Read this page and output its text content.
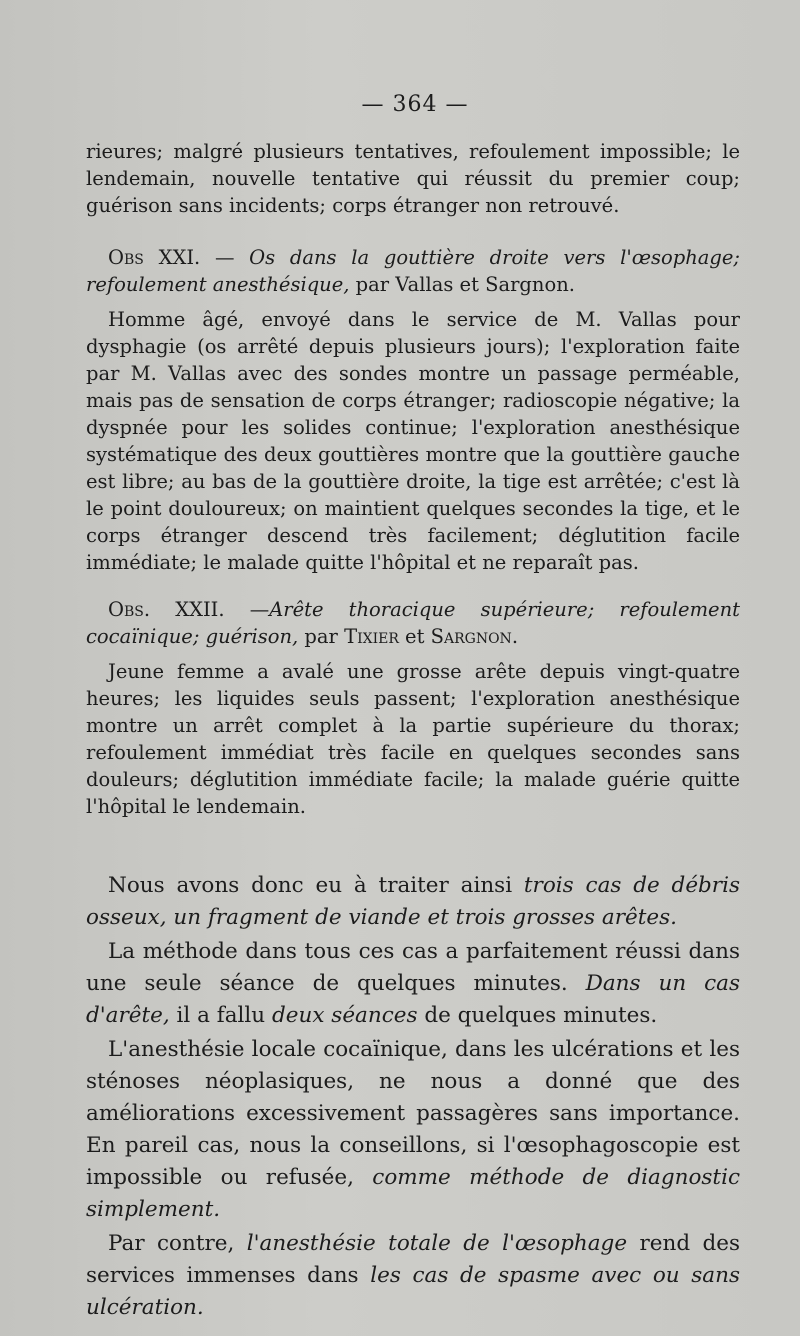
— 364 —

rieures; malgré plusieurs tentatives, refoulement impossible; le lendemain, nouvelle tentative qui réussit du premier coup; guérison sans incidents; corps étranger non retrouvé.

Obs XXI. — Os dans la gouttière droite vers l'œsophage; refoulement anesthésique, par Vallas et Sargnon.

Homme âgé, envoyé dans le service de M. Vallas pour dysphagie (os arrêté depuis plusieurs jours); l'exploration faite par M. Vallas avec des sondes montre un passage perméable, mais pas de sensation de corps étranger; radioscopie négative; la dyspnée pour les solides continue; l'exploration anesthésique systématique des deux gouttières montre que la gouttière gauche est libre; au bas de la gouttière droite, la tige est arrêtée; c'est là le point douloureux; on maintient quelques secondes la tige, et le corps étranger descend très facilement; déglutition facile immédiate; le malade quitte l'hôpital et ne reparaît pas.

Obs. XXII. —Arête thoracique supérieure; refoulement cocaïnique; guérison, par Tixier et Sargnon.

Jeune femme a avalé une grosse arête depuis vingt-quatre heures; les liquides seuls passent; l'exploration anesthésique montre un arrêt complet à la partie supérieure du thorax; refoulement immédiat très facile en quelques secondes sans douleurs; déglutition immédiate facile; la malade guérie quitte l'hôpital le lendemain.

Nous avons donc eu à traiter ainsi trois cas de débris osseux, un fragment de viande et trois grosses arêtes.

La méthode dans tous ces cas a parfaitement réussi dans une seule séance de quelques minutes. Dans un cas d'arête, il a fallu deux séances de quelques minutes.

L'anesthésie locale cocaïnique, dans les ulcérations et les sténoses néoplasiques, ne nous a donné que des améliorations excessivement passagères sans importance. En pareil cas, nous la conseillons, si l'œsophagoscopie est impossible ou refusée, comme méthode de diagnostic simplement.

Par contre, l'anesthésie totale de l'œsophage rend des services immenses dans les cas de spasme avec ou sans ulcération.
